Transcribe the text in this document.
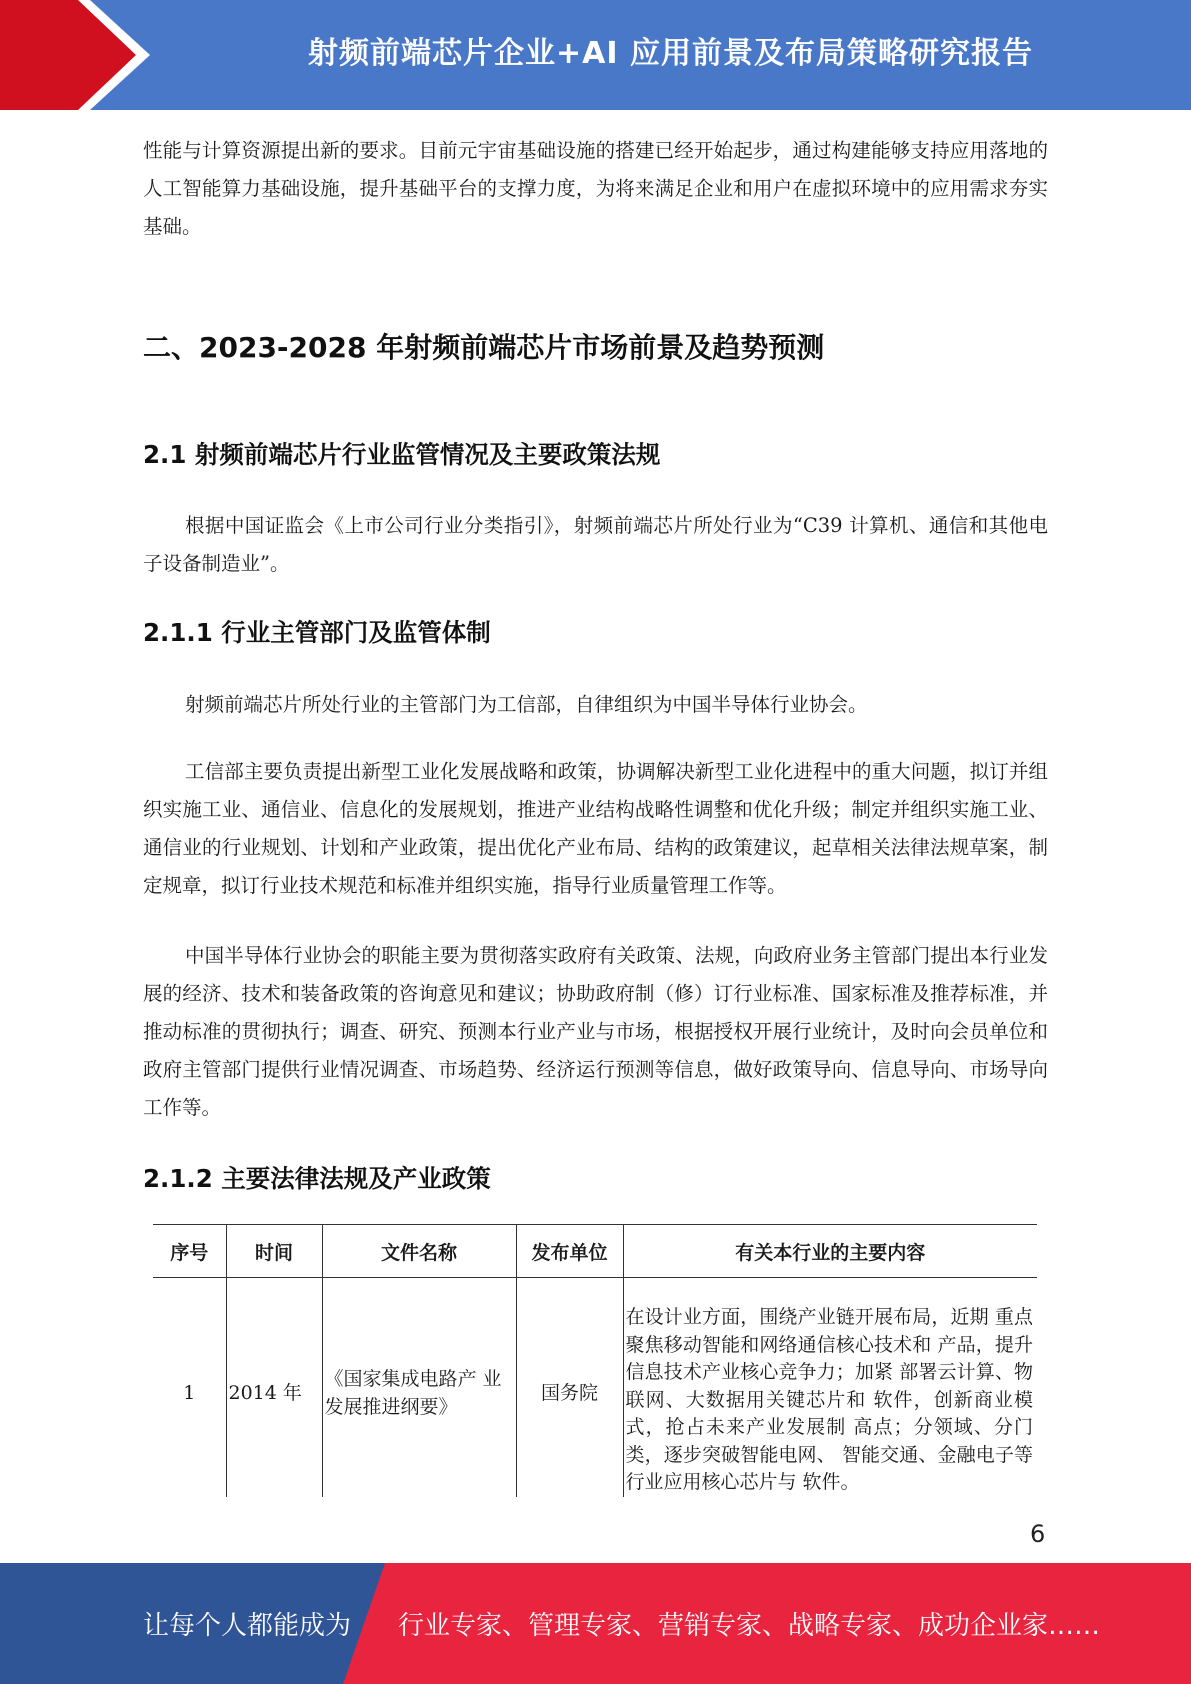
射频前端芯片企业+AI 应用前景及布局策略研究报告

性能与计算资源提出新的要求。目前元宇宙基础设施的搭建已经开始起步，通过构建能够支持应用落地的人工智能算力基础设施，提升基础平台的支撑力度，为将来满足企业和用户在虚拟环境中的应用需求夯实基础。

二、2023-2028 年射频前端芯片市场前景及趋势预测
2.1 射频前端芯片行业监管情况及主要政策法规

根据中国证监会《上市公司行业分类指引》，射频前端芯片所处行业为“C39 计算机、通信和其他电子设备制造业”。

2.1.1 行业主管部门及监管体制

射频前端芯片所处行业的主管部门为工信部，自律组织为中国半导体行业协会。

工信部主要负责提出新型工业化发展战略和政策，协调解决新型工业化进程中的重大问题，拟订并组织实施工业、通信业、信息化的发展规划，推进产业结构战略性调整和优化升级；制定并组织实施工业、通信业的行业规划、计划和产业政策，提出优化产业布局、结构的政策建议，起草相关法律法规草案，制定规章，拟订行业技术规范和标准并组织实施，指导行业质量管理工作等。

中国半导体行业协会的职能主要为贯彻落实政府有关政策、法规，向政府业务主管部门提出本行业发展的经济、技术和装备政策的咨询意见和建议；协助政府制（修）订行业标准、国家标准及推荐标准，并推动标准的贯彻执行；调查、研究、预测本行业产业与市场，根据授权开展行业统计，及时向会员单位和政府主管部门提供行业情况调查、市场趋势、经济运行预测等信息，做好政策导向、信息导向、市场导向工作等。

2.1.2 主要法律法规及产业政策
序号	时间	文件名称	发布单位	有关本行业的主要内容

1	2014 年	《国家集成电路产 业发展推进纲要》	国务院	在设计业方面，围绕产业链开展布局，近期 重点聚焦移动智能和网络通信核心技术和 产品，提升信息技术产业核心竞争力；加紧 部署云计算、物联网、大数据用关键芯片和 软件，创新商业模式，抢占未来产业发展制 高点；分领域、分门类，逐步突破智能电网、 智能交通、金融电子等行业应用核心芯片与 软件。
6
让每个人都能成为 行业专家、管理专家、营销专家、战略专家、成功企业家……
